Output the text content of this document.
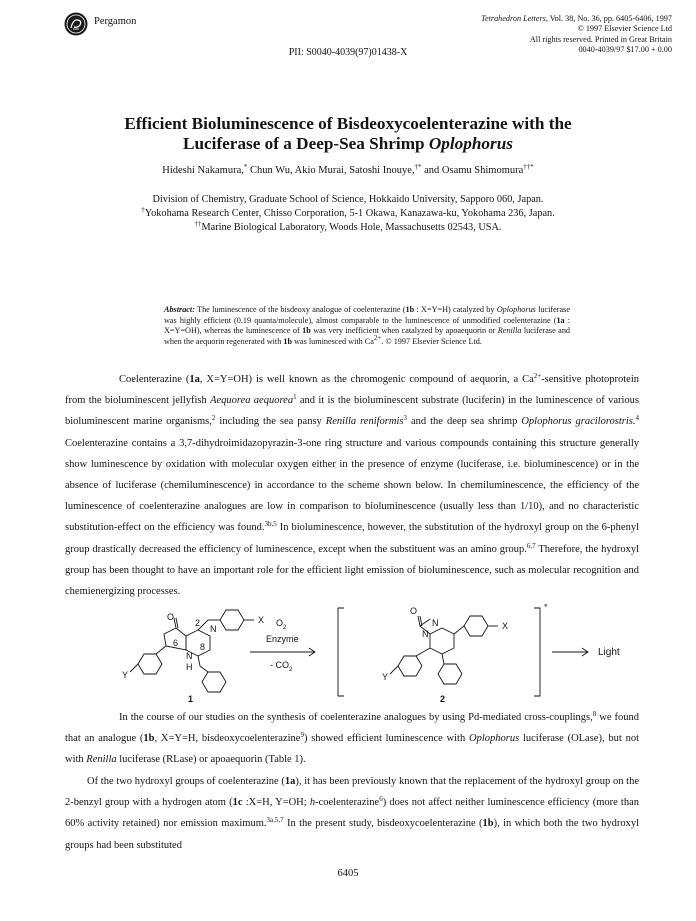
Pergamon	Tetrahedron Letters, Vol. 38, No. 36, pp. 6405-6406, 1997
© 1997 Elsevier Science Ltd
All rights reserved. Printed in Great Britain
0040-4039/97 $17.00 + 0.00
PII: S0040-4039(97)01438-X
Efficient Bioluminescence of Bisdeoxycoelenterazine with the
Luciferase of a Deep-Sea Shrimp Oplophorus
Hideshi Nakamura,* Chun Wu, Akio Murai, Satoshi Inouye,†* and Osamu Shimomura††*
Division of Chemistry, Graduate School of Science, Hokkaido University, Sapporo 060, Japan.
†Yokohama Research Center, Chisso Corporation, 5-1 Okawa, Kanazawa-ku, Yokohama 236, Japan.
††Marine Biological Laboratory, Woods Hole, Massachusetts 02543, USA.
Abstract: The luminescence of the bisdeoxy analogue of coelenterazine (1b : X=Y=H) catalyzed by Oplophorus luciferase was highly efficient (0.19 quanta/molecule), almost comparable to the luminescence of unmodified coelenterazine (1a : X=Y=OH), whereas the luminescence of 1b was very inefficient when catalyzed by apoaequorin or Renilla luciferase and when the aequorin regenerated with 1b was luminesced with $Ca^{2+}$. © 1997 Elsevier Science Ltd.
Coelenterazine (1a, X=Y=OH) is well known as the chromogenic compound of aequorin, a $Ca^{2+}$-sensitive photoprotein from the bioluminescent jellyfish Aequorea aequorea$^1$ and it is the bioluminescent substrate (luciferin) in the luminescence of various bioluminescent marine organisms,$^2$ including the sea pansy Renilla reniformis$^3$ and the deep sea shrimp Oplophorus gracilorostris.$^4$ Coelenterazine contains a 3,7-dihydroimidazopyrazin-3-one ring structure and various compounds containing this structure generally show luminescence by oxidation with molecular oxygen either in the presence of enzyme (luciferase, i.e. bioluminescence) or in the absence of luciferase (chemiluminescence) in accordance to the scheme shown below. In chemiluminescence, the efficiency of the luminescence of coelenterazine analogues are low in comparison to bioluminescence (usually less than 1/10), and no characteristic substitution-effect on the efficiency was found.$^{3b,5}$ In bioluminescence, however, the substitution of the hydroxyl group on the 6-phenyl group drastically decreased the efficiency of luminescence, except when the substituent was an amino group.$^{6,7}$ Therefore, the hydroxyl group has been thought to have an important role for the efficient light emission of bioluminescence, such as molecular recognition and chemienergizing processes.
O
2
N
X
6 8
N
H
Y
1
$O_2$
Enzyme
- $CO_2$
O
N
N	X
Y
*
2
Light
In the course of our studies on the synthesis of coelenterazine analogues by using Pd-mediated cross-couplings,$^8$ we found that an analogue (1b, X=Y=H, bisdeoxycoelenterazine$^9$) showed efficient luminescence with Oplophorus luciferase (OLase), but not with Renilla luciferase (RLase) or apoaequorin (Table 1).
Of the two hydroxyl groups of coelenterazine (1a), it has been previously known that the replacement of the hydroxyl group on the 2-benzyl group with a hydrogen atom (1c :X=H, Y=OH; h-coelenterazine$^6$) does not affect neither luminescence efficiency (more than 60% activity retained) nor emission maximum.$^{3a,5,7}$ In the present study, bisdeoxycoelenterazine (1b), in which both the two hydroxyl groups had been substituted
6405
